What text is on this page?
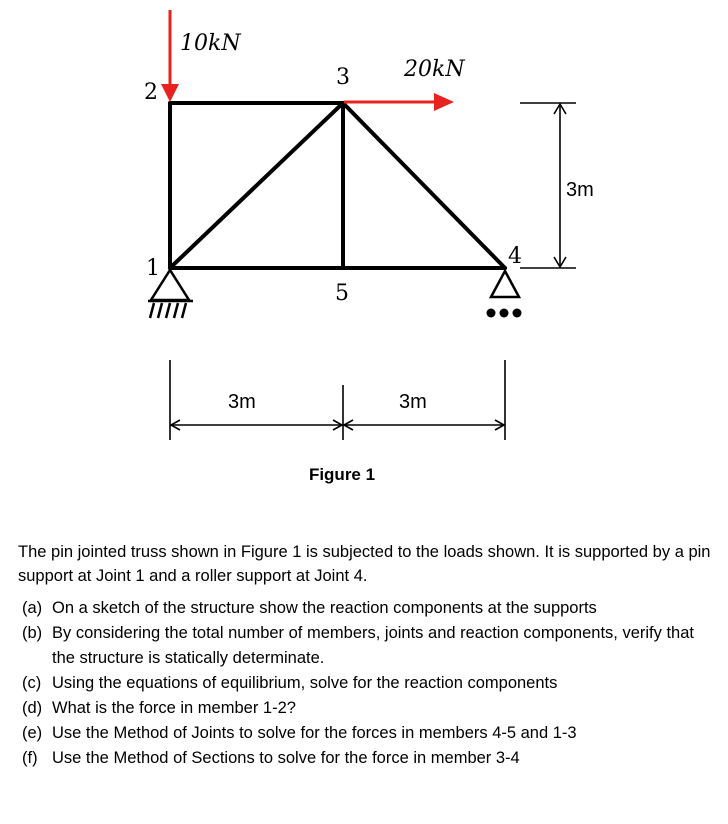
10kN
20kN
2
3
1	4
5
3m
3m	3m
Figure 1

The pin jointed truss shown in Figure 1 is subjected to the loads shown. It is supported by a pin support at Joint 1 and a roller support at Joint 4.

(a) On a sketch of the structure show the reaction components at the supports
(b) By considering the total number of members, joints and reaction components, verify that the structure is statically determinate.
(c) Using the equations of equilibrium, solve for the reaction components
(d) What is the force in member 1-2?
(e) Use the Method of Joints to solve for the forces in members 4-5 and 1-3
(f) Use the Method of Sections to solve for the force in member 3-4
